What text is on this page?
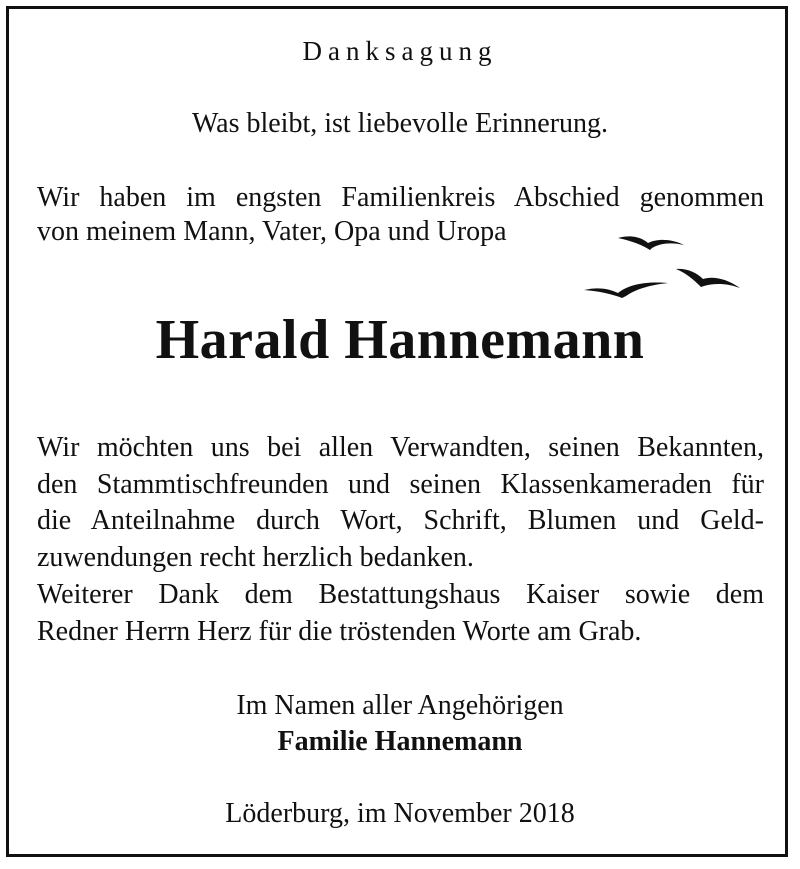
Danksagung
Was bleibt, ist liebevolle Erinnerung.
Wir haben im engsten Familienkreis Abschied genommen
von meinem Mann, Vater, Opa und Uropa
Harald Hannemann
Wir möchten uns bei allen Verwandten, seinen Bekannten,
den Stammtischfreunden und seinen Klassenkameraden für
die Anteilnahme durch Wort, Schrift, Blumen und Geld-
zuwendungen recht herzlich bedanken.
Weiterer Dank dem Bestattungshaus Kaiser sowie dem
Redner Herrn Herz für die tröstenden Worte am Grab.
Im Namen aller Angehörigen
Familie Hannemann
Löderburg, im November 2018
